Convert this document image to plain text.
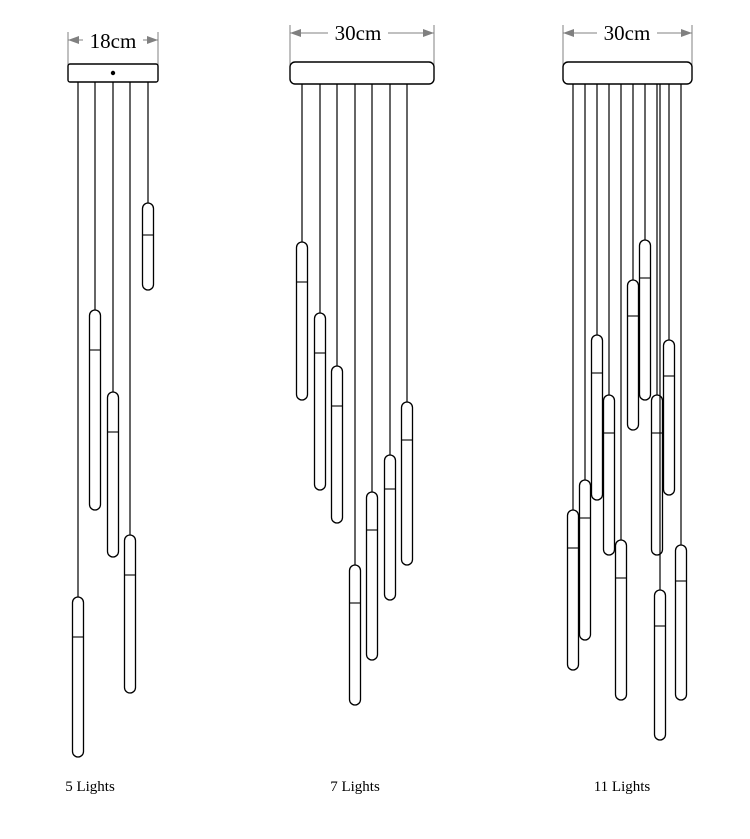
18cm	30cm	30cm
5 Lights	7 Lights	11 Lights
